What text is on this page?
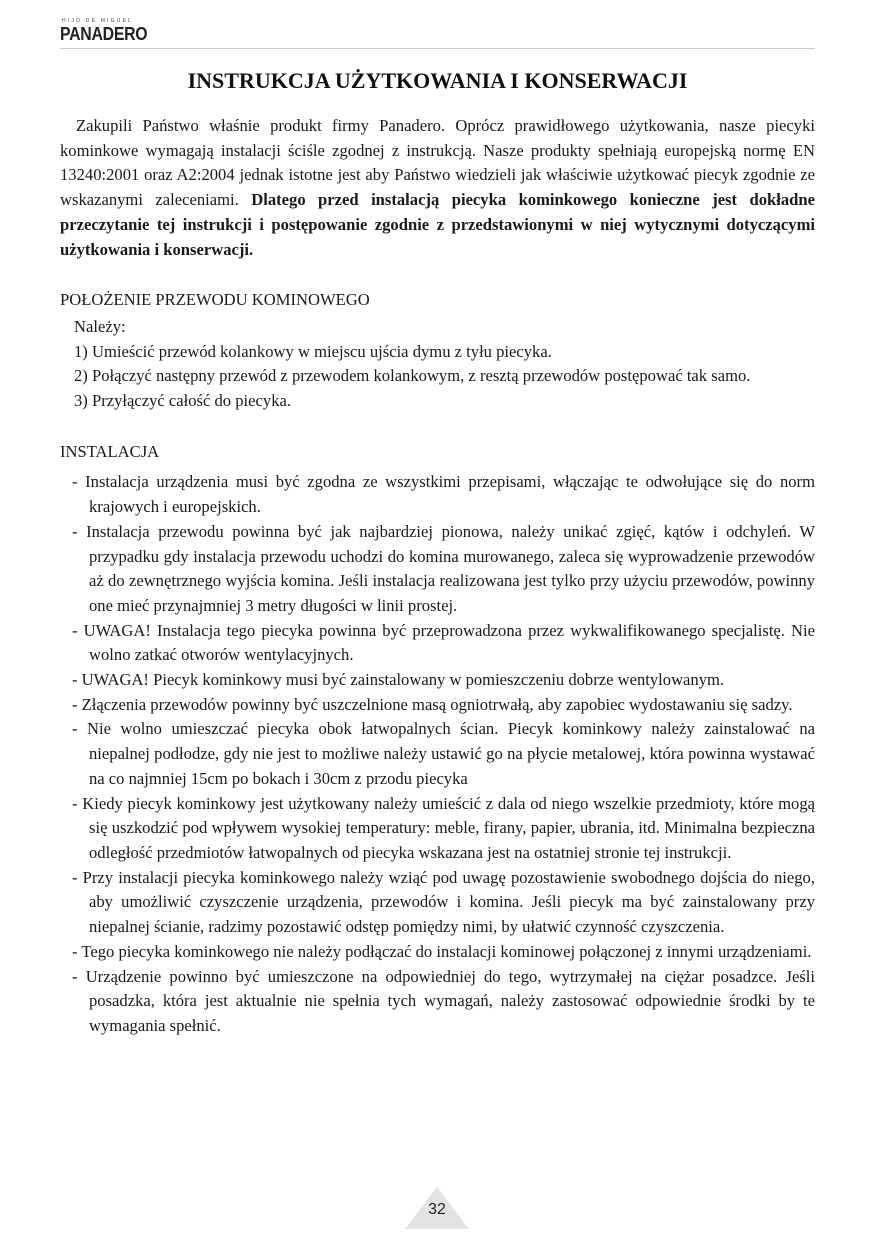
HIJO DE MIGUEL
PANADERO
INSTRUKCJA UŻYTKOWANIA I KONSERWACJI

Zakupili Państwo właśnie produkt firmy Panadero. Oprócz prawidłowego użytkowania, nasze piecyki kominkowe wymagają instalacji ściśle zgodnej z instrukcją. Nasze produkty spełniają europejską normę EN 13240:2001 oraz A2:2004 jednak istotne jest aby Państwo wiedzieli jak właściwie użytkować piecyk zgodnie ze wskazanymi zaleceniami. Dlatego przed instalacją piecyka kominkowego konieczne jest dokładne przeczytanie tej instrukcji i postępowanie zgodnie z przedstawionymi w niej wytycznymi dotyczącymi użytkowania i konserwacji.

POŁOŻENIE PRZEWODU KOMINOWEGO
Należy:
1) Umieścić przewód kolankowy w miejscu ujścia dymu z tyłu piecyka.
2) Połączyć następny przewód z przewodem kolankowym, z resztą przewodów postępować tak samo.
3) Przyłączyć całość do piecyka.
INSTALACJA
- Instalacja urządzenia musi być zgodna ze wszystkimi przepisami, włączając te odwołujące się do norm krajowych i europejskich.
- Instalacja przewodu powinna być jak najbardziej pionowa, należy unikać zgięć, kątów i odchyleń. W przypadku gdy instalacja przewodu uchodzi do komina murowanego, zaleca się wyprowadzenie przewodów aż do zewnętrznego wyjścia komina. Jeśli instalacja realizowana jest tylko przy użyciu przewodów, powinny one mieć przynajmniej 3 metry długości w linii prostej.
- UWAGA! Instalacja tego piecyka powinna być przeprowadzona przez wykwalifikowanego specjalistę. Nie wolno zatkać otworów wentylacyjnych.
- UWAGA! Piecyk kominkowy musi być zainstalowany w pomieszczeniu dobrze wentylowanym.
- Złączenia przewodów powinny być uszczelnione masą ogniotrwałą, aby zapobiec wydostawaniu się sadzy.
- Nie wolno umieszczać piecyka obok łatwopalnych ścian. Piecyk kominkowy należy zainstalować na niepalnej podłodze, gdy nie jest to możliwe należy ustawić go na płycie metalowej, która powinna wystawać na co najmniej 15cm po bokach i 30cm z przodu piecyka
- Kiedy piecyk kominkowy jest użytkowany należy umieścić z dala od niego wszelkie przedmioty, które mogą się uszkodzić pod wpływem wysokiej temperatury: meble, firany, papier, ubrania, itd. Minimalna bezpieczna odległość przedmiotów łatwopalnych od piecyka wskazana jest na ostatniej stronie tej instrukcji.
- Przy instalacji piecyka kominkowego należy wziąć pod uwagę pozostawienie swobodnego dojścia do niego, aby umożliwić czyszczenie urządzenia, przewodów i komina. Jeśli piecyk ma być zainstalowany przy niepalnej ścianie, radzimy pozostawić odstęp pomiędzy nimi, by ułatwić czynność czyszczenia.
- Tego piecyka kominkowego nie należy podłączać do instalacji kominowej połączonej z innymi urządzeniami.
- Urządzenie powinno być umieszczone na odpowiedniej do tego, wytrzymałej na ciężar posadzce. Jeśli posadzka, która jest aktualnie nie spełnia tych wymagań, należy zastosować odpowiednie środki by te wymagania spełnić.
32
